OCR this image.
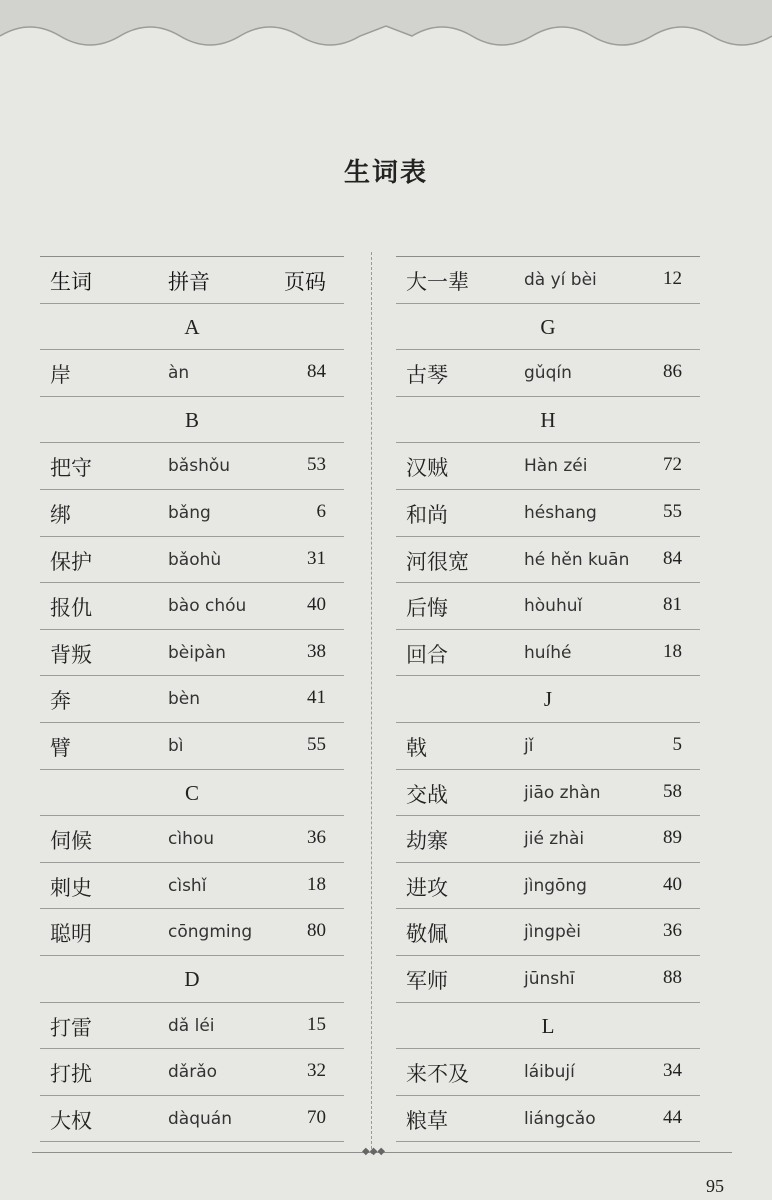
生词表
生词	拼音	页码
A
岸	àn	84
B
把守	bǎshǒu	53
绑	bǎng	6
保护	bǎohù	31
报仇	bào chóu	40
背叛	bèipàn	38
奔	bèn	41
臂	bì	55
C
伺候	cìhou	36
刺史	cìshǐ	18
聪明	cōngming	80
D
打雷	dǎ léi	15
打扰	dǎrǎo	32
大权	dàquán	70
大一辈	dà yí bèi	12
G
古琴	gǔqín	86
H
汉贼	Hàn zéi	72
和尚	héshang	55
河很宽	hé hěn kuān 84
后悔	hòuhuǐ	81
回合	huíhé	18
J
戟	jǐ	5
交战	jiāo zhàn	58
劫寨	jié zhài	89
进攻	jìngōng	40
敬佩	jìngpèi	36
军师	jūnshī	88
L
来不及	láibují	34
粮草	liángcǎo	44
◆◆◆
95
